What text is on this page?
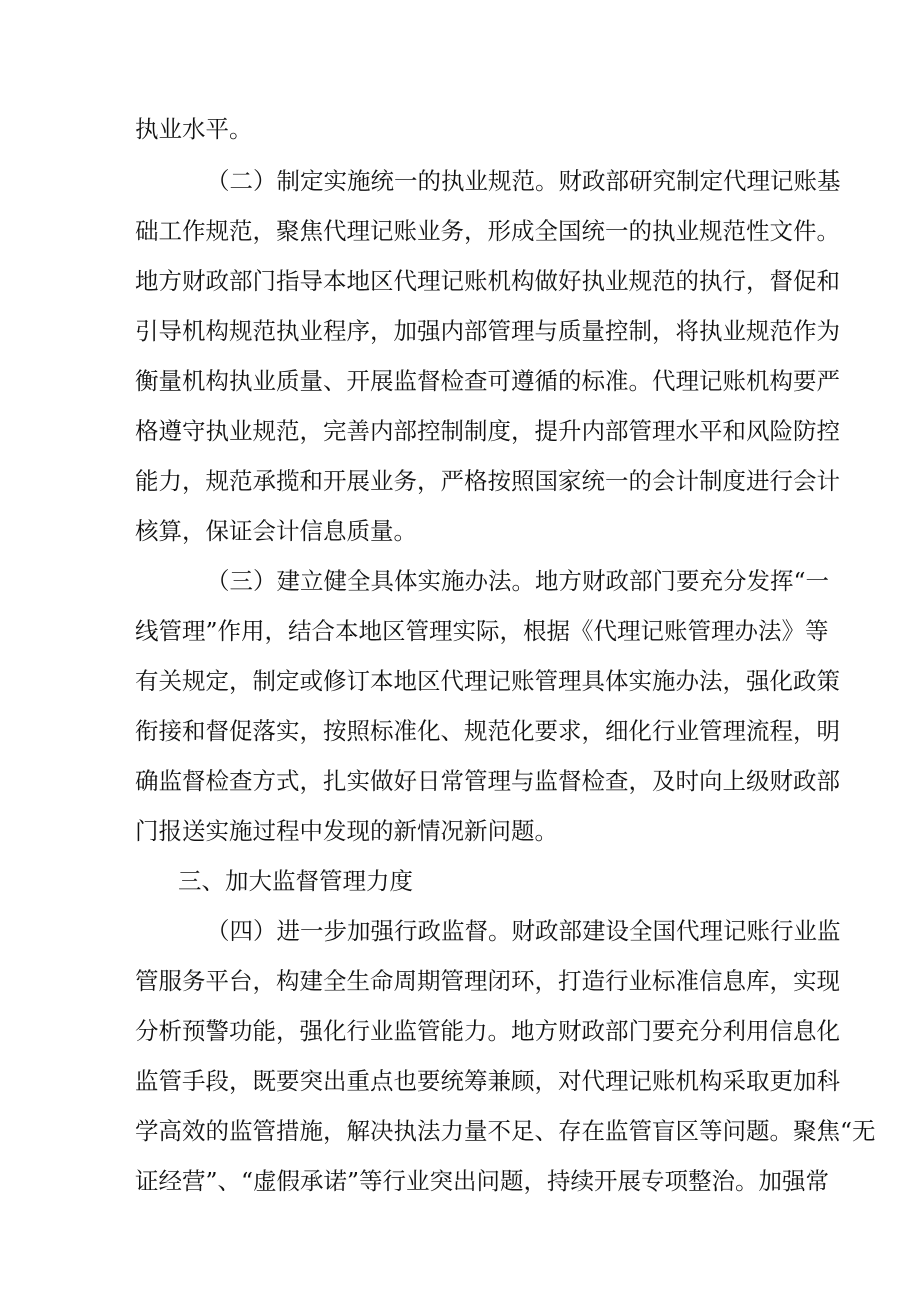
执业水平。
（二）制定实施统一的执业规范。财政部研究制定代理记账基
础工作规范，聚焦代理记账业务，形成全国统一的执业规范性文件。
地方财政部门指导本地区代理记账机构做好执业规范的执行，督促和
引导机构规范执业程序，加强内部管理与质量控制，将执业规范作为
衡量机构执业质量、开展监督检查可遵循的标准。代理记账机构要严
格遵守执业规范，完善内部控制制度，提升内部管理水平和风险防控
能力，规范承揽和开展业务，严格按照国家统一的会计制度进行会计
核算，保证会计信息质量。
（三）建立健全具体实施办法。地方财政部门要充分发挥“一
线管理”作用，结合本地区管理实际，根据《代理记账管理办法》等
有关规定，制定或修订本地区代理记账管理具体实施办法，强化政策
衔接和督促落实，按照标准化、规范化要求，细化行业管理流程，明
确监督检查方式，扎实做好日常管理与监督检查，及时向上级财政部
门报送实施过程中发现的新情况新问题。
三、加大监督管理力度
（四）进一步加强行政监督。财政部建设全国代理记账行业监
管服务平台，构建全生命周期管理闭环，打造行业标准信息库，实现
分析预警功能，强化行业监管能力。地方财政部门要充分利用信息化
监管手段，既要突出重点也要统筹兼顾，对代理记账机构采取更加科
学高效的监管措施，解决执法力量不足、存在监管盲区等问题。聚焦“无
证经营”、“虚假承诺”等行业突出问题，持续开展专项整治。加强常
